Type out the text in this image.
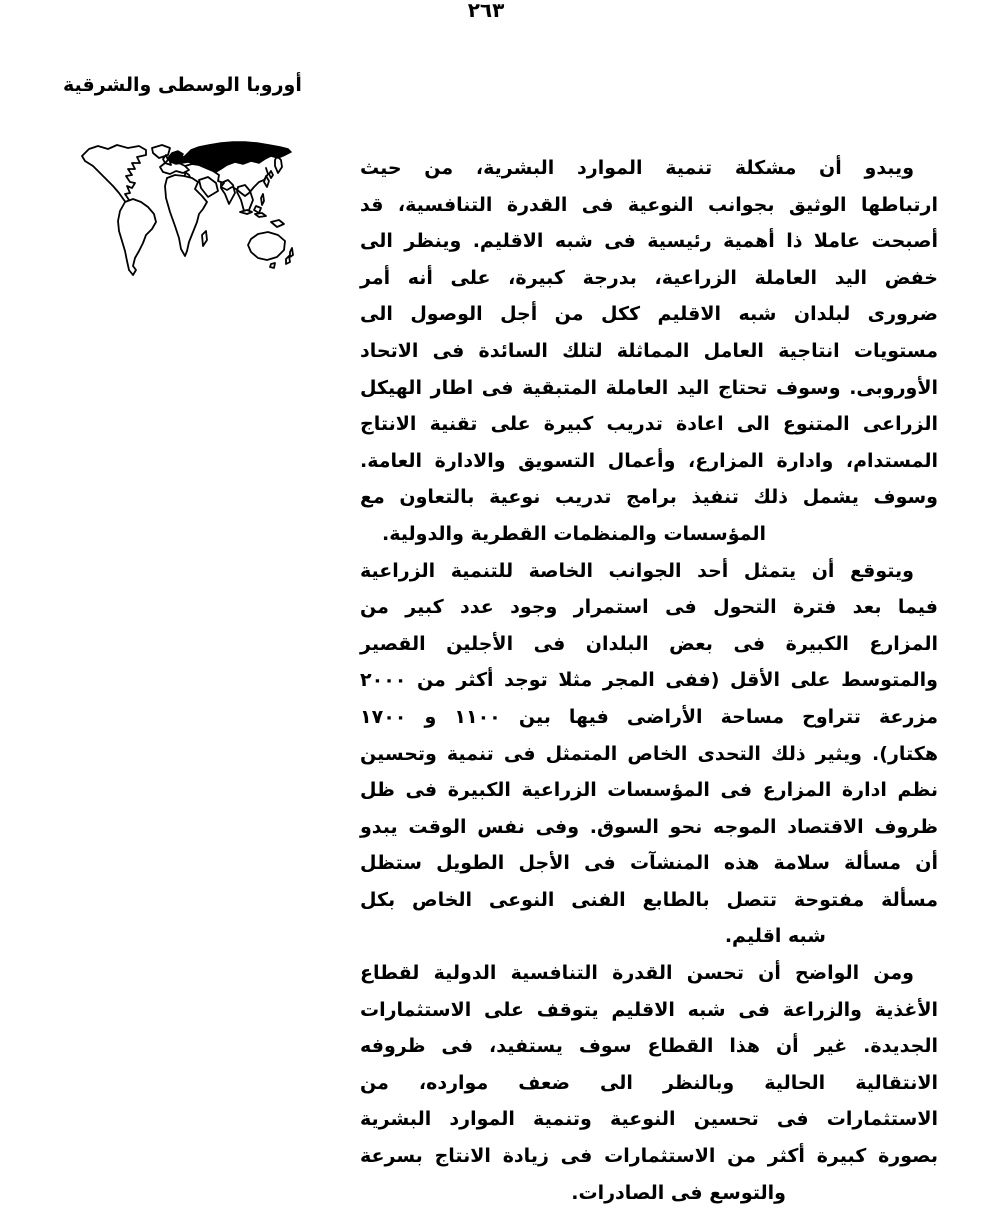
٢٦٣
أوروبا الوسطى والشرقية
ويبدو أن مشكلة تنمية الموارد البشرية، من حيث
ارتباطها الوثيق بجوانب النوعية فى القدرة التنافسية، قد
أصبحت عاملا ذا أهمية رئيسية فى شبه الاقليم. وينظر الى
خفض اليد العاملة الزراعية، بدرجة كبيرة، على أنه أمر
ضرورى لبلدان شبه الاقليم ككل من أجل الوصول الى
مستويات انتاجية العامل المماثلة لتلك السائدة فى الاتحاد
الأوروبى. وسوف تحتاج اليد العاملة المتبقية فى اطار الهيكل
الزراعى المتنوع الى اعادة تدريب كبيرة على تقنية الانتاج
المستدام، وادارة المزارع، وأعمال التسويق والادارة العامة.
وسوف يشمل ذلك تنفيذ برامج تدريب نوعية بالتعاون مع
المؤسسات والمنظمات القطرية والدولية.
ويتوقع أن يتمثل أحد الجوانب الخاصة للتنمية الزراعية
فيما بعد فترة التحول فى استمرار وجود عدد كبير من
المزارع الكبيرة فى بعض البلدان فى الأجلين القصير
والمتوسط على الأقل (ففى المجر مثلا توجد أكثر من ٢٠٠٠
مزرعة تتراوح مساحة الأراضى فيها بين ١١٠٠ و ١٧٠٠
هكتار). ويثير ذلك التحدى الخاص المتمثل فى تنمية وتحسين
نظم ادارة المزارع فى المؤسسات الزراعية الكبيرة فى ظل
ظروف الاقتصاد الموجه نحو السوق. وفى نفس الوقت يبدو
أن مسألة سلامة هذه المنشآت فى الأجل الطويل ستظل
مسألة مفتوحة تتصل بالطابع الفنى النوعى الخاص بكل
شبه اقليم.
ومن الواضح أن تحسن القدرة التنافسية الدولية لقطاع
الأغذية والزراعة فى شبه الاقليم يتوقف على الاستثمارات
الجديدة. غير أن هذا القطاع سوف يستفيد، فى ظروفه
الانتقالية الحالية وبالنظر الى ضعف موارده، من
الاستثمارات فى تحسين النوعية وتنمية الموارد البشرية
بصورة كبيرة أكثر من الاستثمارات فى زيادة الانتاج بسرعة
والتوسع فى الصادرات.
